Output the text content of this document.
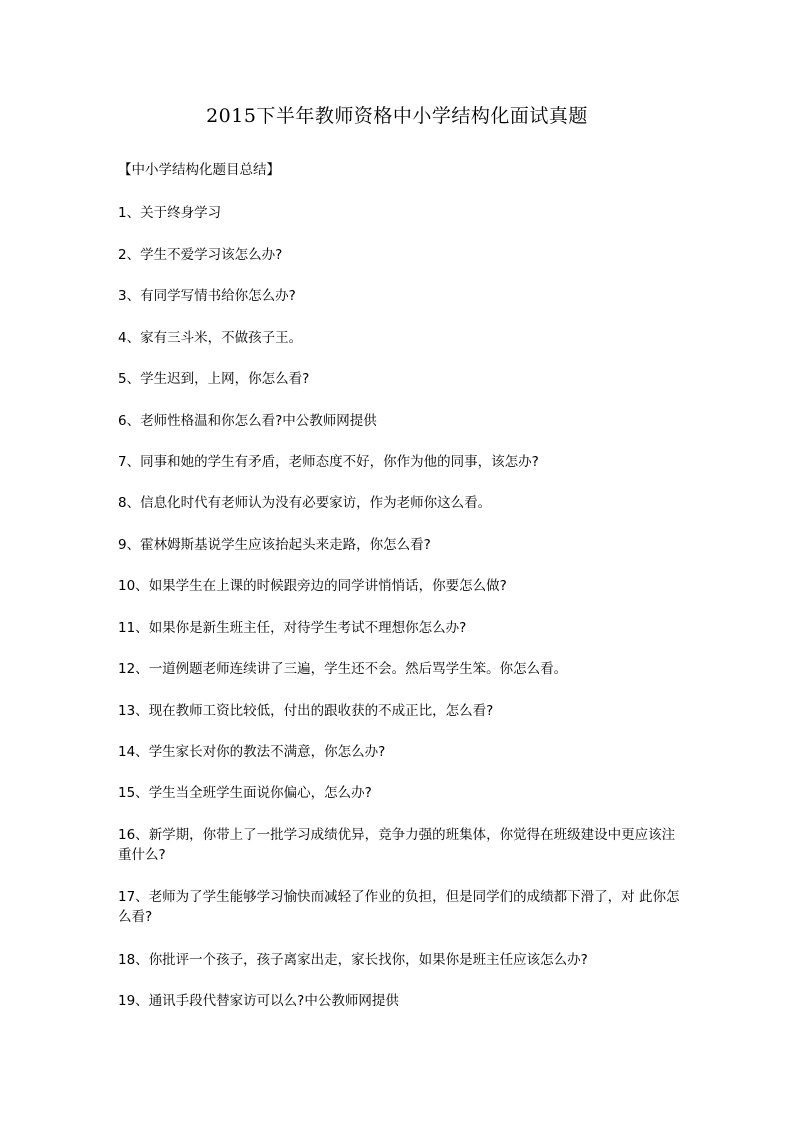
2015下半年教师资格中小学结构化面试真题
【中小学结构化题目总结】
1、关于终身学习
2、学生不爱学习该怎么办?
3、有同学写情书给你怎么办?
4、家有三斗米，不做孩子王。
5、学生迟到，上网，你怎么看?
6、老师性格温和你怎么看?中公教师网提供
7、同事和她的学生有矛盾，老师态度不好，你作为他的同事，该怎办?
8、信息化时代有老师认为没有必要家访，作为老师你这么看。
9、霍林姆斯基说学生应该抬起头来走路，你怎么看?
10、如果学生在上课的时候跟旁边的同学讲悄悄话，你要怎么做?
11、如果你是新生班主任，对待学生考试不理想你怎么办?
12、一道例题老师连续讲了三遍，学生还不会。然后骂学生笨。你怎么看。
13、现在教师工资比较低，付出的跟收获的不成正比，怎么看?
14、学生家长对你的教法不满意，你怎么办?
15、学生当全班学生面说你偏心，怎么办?
16、新学期，你带上了一批学习成绩优异，竞争力强的班集体，你觉得在班级建设中更应该注重什么?
17、老师为了学生能够学习愉快而减轻了作业的负担，但是同学们的成绩都下滑了，对 此你怎么看?
18、你批评一个孩子，孩子离家出走，家长找你，如果你是班主任应该怎么办?
19、通讯手段代替家访可以么?中公教师网提供
